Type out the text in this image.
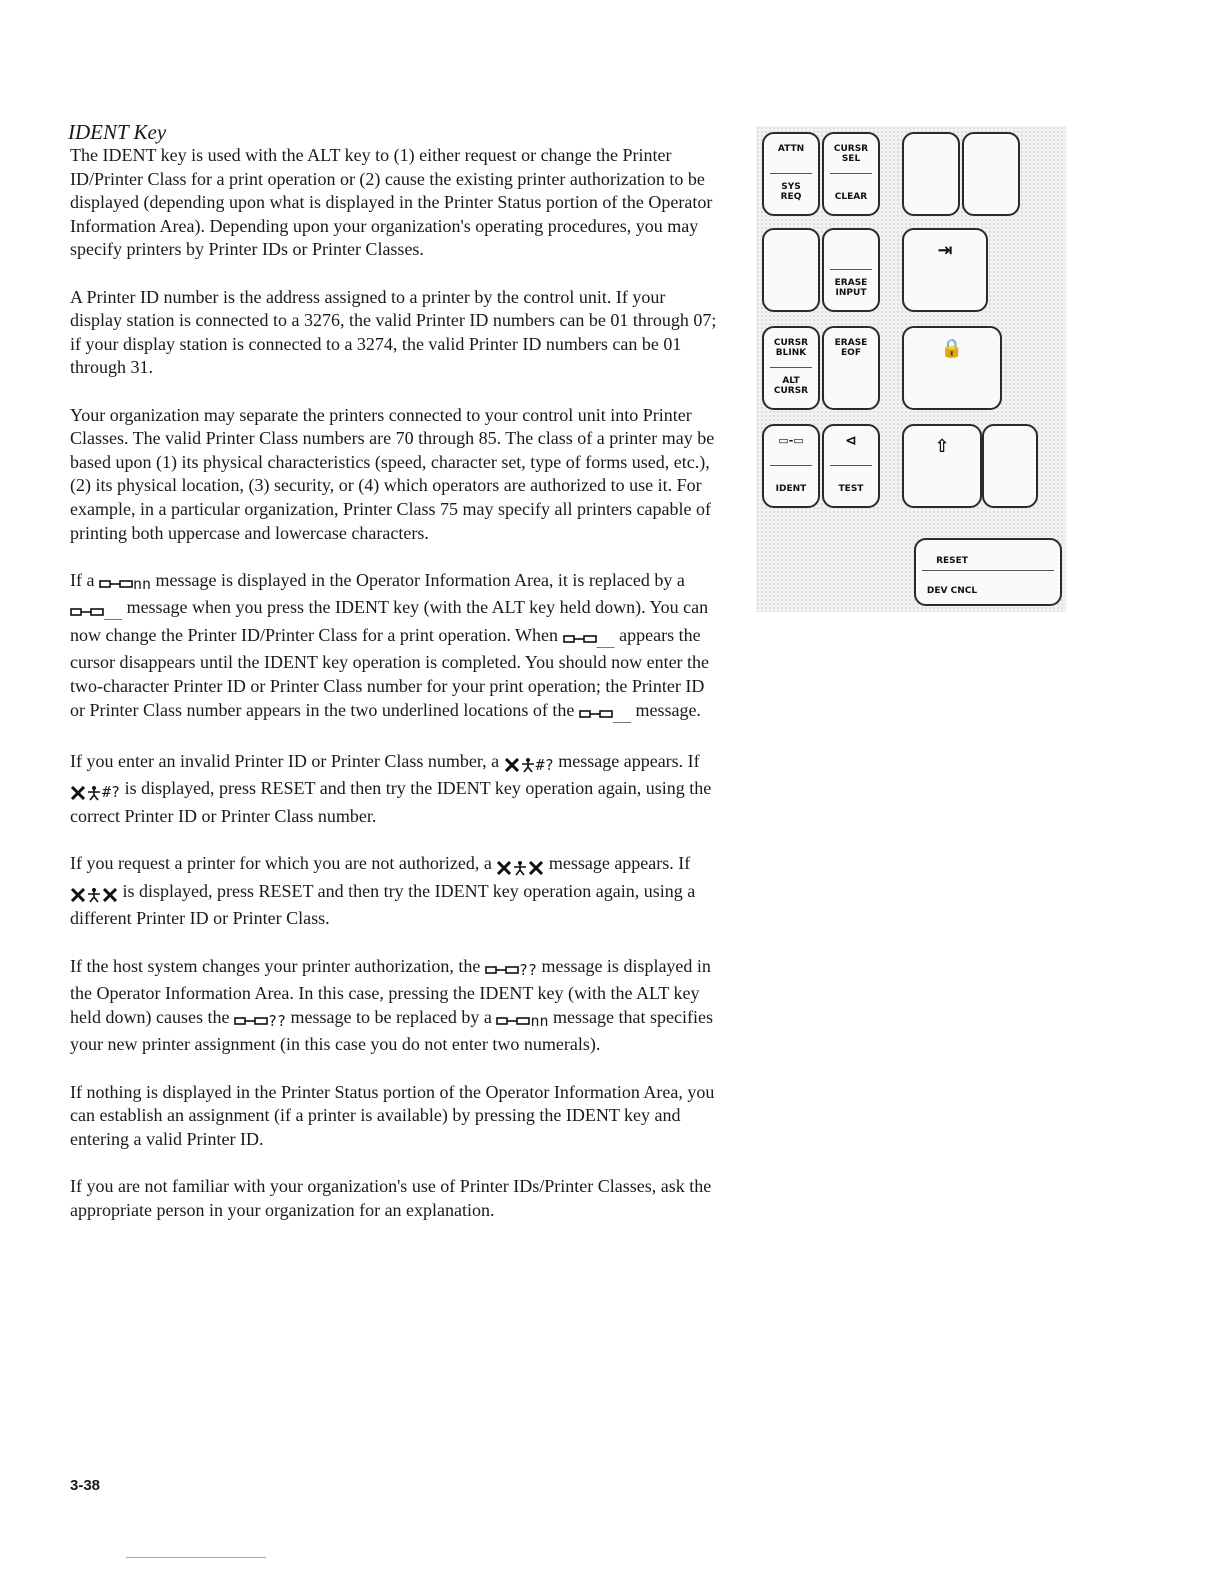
IDENT Key

The IDENT key is used with the ALT key to (1) either request or change the Printer ID/Printer Class for a print operation or (2) cause the existing printer authorization to be displayed (depending upon what is displayed in the Printer Status portion of the Operator Information Area). Depending upon your organization's operating procedures, you may specify printers by Printer IDs or Printer Classes.

A Printer ID number is the address assigned to a printer by the control unit. If your display station is connected to a 3276, the valid Printer ID numbers can be 01 through 07; if your display station is connected to a 3274, the valid Printer ID numbers can be 01 through 31.

Your organization may separate the printers connected to your control unit into Printer Classes. The valid Printer Class numbers are 70 through 85. The class of a printer may be based upon (1) its physical characteristics (speed, character set, type of forms used, etc.), (2) its physical location, (3) security, or (4) which operators are authorized to use it. For example, in a particular organization, Printer Class 75 may specify all printers capable of printing both uppercase and lowercase characters.

If a	nn message is displayed in the Operator Information Area, it is replaced by a __ message when you press the IDENT key (with the ALT key held down). You can now change the Printer ID/Printer Class for a print operation. When	__ appears the cursor disappears until the IDENT key operation is completed. You should now enter the two-character Printer ID or Printer Class number for your print operation; the Printer ID or Printer Class number appears in the two underlined locations of the	__ message.

If you enter an invalid Printer ID or Printer Class number, a #? message appears. If #? is displayed, press RESET and then try the IDENT key operation again, using the correct Printer ID or Printer Class number.

If you request a printer for which you are not authorized, a	message appears. If  is displayed, press RESET and then try the IDENT key operation again, using a different Printer ID or Printer Class.

If the host system changes your printer authorization, the	?? message is displayed in the Operator Information Area. In this case, pressing the IDENT key (with the ALT key held down) causes the	?? message to be replaced by a	nn message that specifies your new printer assignment (in this case you do not enter two numerals).

If nothing is displayed in the Printer Status portion of the Operator Information Area, you can establish an assignment (if a printer is available) by pressing the IDENT key and entering a valid Printer ID.

If you are not familiar with your organization's use of Printer IDs/Printer Classes, ask the appropriate person in your organization for an explanation.

ATTN
SYS
REQ
CURSR
SEL
CLEAR
ERASE
INPUT
⇥
CURSR
BLINK
ALT
CURSR
ERASE
EOF	🔒
▭-▭
IDENT
⊲
TEST
⇧
RESET
DEV CNCL
3-38
